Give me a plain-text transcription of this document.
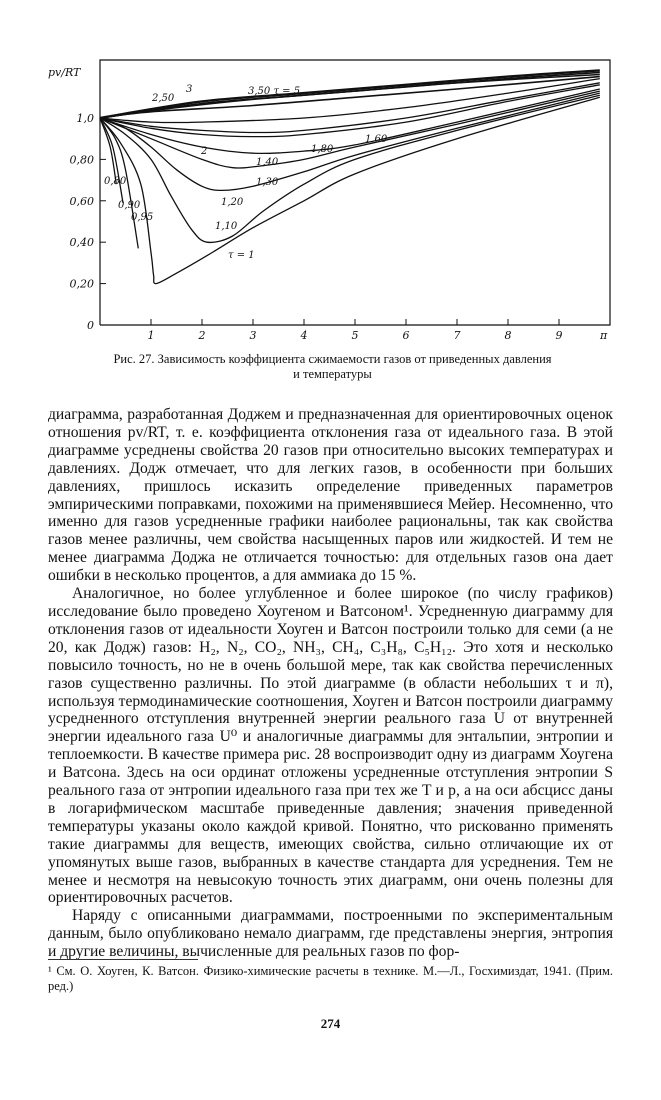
1,0
0,80
0,60
0,40
0,20
0
1	2	3	4	5	6	7	8	9
pv/RT
π
3,50 τ = 5
3
2,50
2
1,60
1,80
1,40
1,30
1,20
1,10
τ = 1
0,95
0,90
0,80
Рис. 27. Зависимость коэффициента сжимаемости газов от приведенных давления
и температуры

диаграмма, разработанная Доджем и предназначенная для ориентировочных оценок отношения pv/RT, т. е. коэффициента отклонения газа от идеального газа. В этой диаграмме усреднены свойства 20 газов при относительно высоких температурах и давлениях. Додж отмечает, что для легких газов, в особенности при больших давлениях, пришлось исказить определение приведенных параметров эмпирическими поправками, похожими на применявшиеся Мейер. Несомненно, что именно для газов усредненные графики наиболее рациональны, так как свойства газов менее различны, чем свойства насыщенных паров или жидкостей. И тем не менее диаграмма Доджа не отличается точностью: для отдельных газов она дает ошибки в несколько процентов, а для аммиака до 15 %.

Аналогичное, но более углубленное и более широкое (по числу графиков) исследование было проведено Хоугеном и Ватсоном¹. Усредненную диаграмму для отклонения газов от идеальности Хоуген и Ватсон построили только для семи (а не 20, как Додж) газов: H₂, N₂, CO₂, NH₃, CH₄, C₃H₈, C₅H₁₂. Это хотя и несколько повысило точность, но не в очень большой мере, так как свойства перечисленных газов существенно различны. По этой диаграмме (в области небольших τ и π), используя термодинамические соотношения, Хоуген и Ватсон построили диаграмму усредненного отступления внутренней энергии реального газа U от внутренней энергии идеального газа U⁰ и аналогичные диаграммы для энтальпии, энтропии и теплоемкости. В качестве примера рис. 28 воспроизводит одну из диаграмм Хоугена и Ватсона. Здесь на оси ординат отложены усредненные отступления энтропии S реального газа от энтропии идеального газа при тех же T и p, а на оси абсцисс даны в логарифмическом масштабе приведенные давления; значения приведенной температуры указаны около каждой кривой. Понятно, что рискованно применять такие диаграммы для веществ, имеющих свойства, сильно отличающие их от упомянутых выше газов, выбранных в качестве стандарта для усреднения. Тем не менее и несмотря на невысокую точность этих диаграмм, они очень полезны для ориентировочных расчетов.

Наряду с описанными диаграммами, построенными по экспериментальным данным, было опубликовано немало диаграмм, где представлены энергия, энтропия и другие величины, вычисленные для реальных газов по фор-

¹ См. О. Хоуген, К. Ватсон. Физико-химические расчеты в технике. М.—Л., Госхимиздат, 1941. (Прим. ред.)
274
